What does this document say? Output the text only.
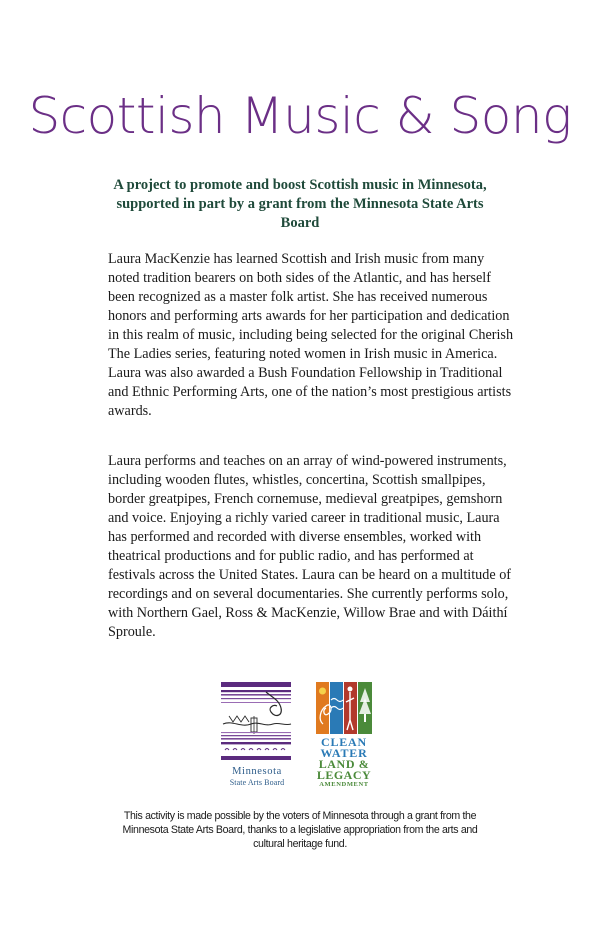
Scottish Music & Song
A project to promote and boost Scottish music in Minnesota, supported in part by a grant from the Minnesota State Arts Board

Laura MacKenzie has learned Scottish and Irish music from many noted tradition bearers on both sides of the Atlantic, and has herself been recognized as a master folk artist. She has received numerous honors and performing arts awards for her participation and dedication in this realm of music, including being selected for the original Cherish The Ladies series, featuring noted women in Irish music in America. Laura was also awarded a Bush Foundation Fellowship in Traditional and Ethnic Performing Arts, one of the nation’s most prestigious artists awards.

Laura performs and teaches on an array of wind-powered instruments, including wooden flutes, whistles, concertina, Scottish smallpipes, border greatpipes, French cornemuse, medieval greatpipes, gemshorn and voice. Enjoying a richly varied career in traditional music, Laura has performed and recorded with diverse ensembles, worked with theatrical productions and for public radio, and has performed at festivals across the United States. Laura can be heard on a multitude of recordings and on several documentaries. She currently performs solo, with Northern Gael, Ross & MacKenzie, Willow Brae and with Dáithí Sproule.

Minnesota
State Arts Board
CLEAN
WATER
LAND &
LEGACY
AMENDMENT
This activity is made possible by the voters of Minnesota through a grant from the Minnesota State Arts Board, thanks to a legislative appropriation from the arts and cultural heritage fund.
